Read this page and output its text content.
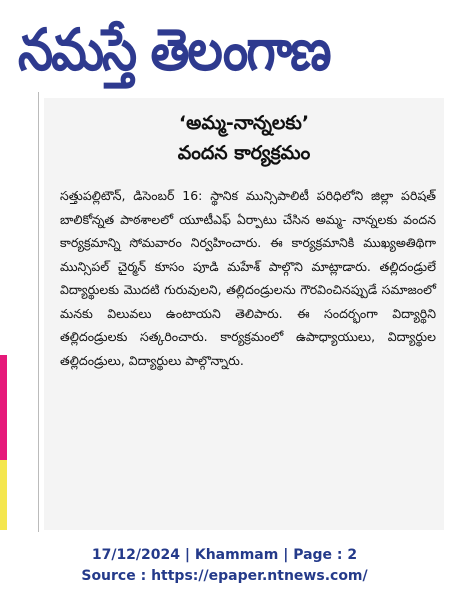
నమస్తే తెలంగాణ
‘అమ్మ-నాన్నలకు’
వందన కార్యక్రమం
సత్తుపల్లిటౌన్, డిసెంబర్ 16: స్థానిక మున్సిపాలిటీ పరిధిలోని జిల్లా పరిషత్ బాలికోన్నత పాఠశాలలో యూటీఎఫ్ ఏర్పాటు చేసిన అమ్మ- నాన్నలకు వందన కార్యక్రమాన్ని సోమవారం నిర్వహించారు. ఈ కార్యక్రమానికి ముఖ్యఅతిథిగా మున్సిపల్ చైర్మన్ కూసం పూడి మహేశ్ పాల్గొని మాట్లాడారు. తల్లిదండ్రులే విద్యార్థులకు మొదటి గురువులని, తల్లిదండ్రులను గౌరవించినప్పుడే సమాజంలో మనకు విలువలు ఉంటాయని తెలిపారు. ఈ సందర్భంగా విద్యార్థిని తల్లిదండ్రులకు సత్కరించారు. కార్యక్రమంలో ఉపాధ్యాయులు, విద్యార్థుల తల్లిదండ్రులు, విద్యార్థులు పాల్గొన్నారు.
17/12/2024 | Khammam | Page : 2
Source : https://epaper.ntnews.com/
